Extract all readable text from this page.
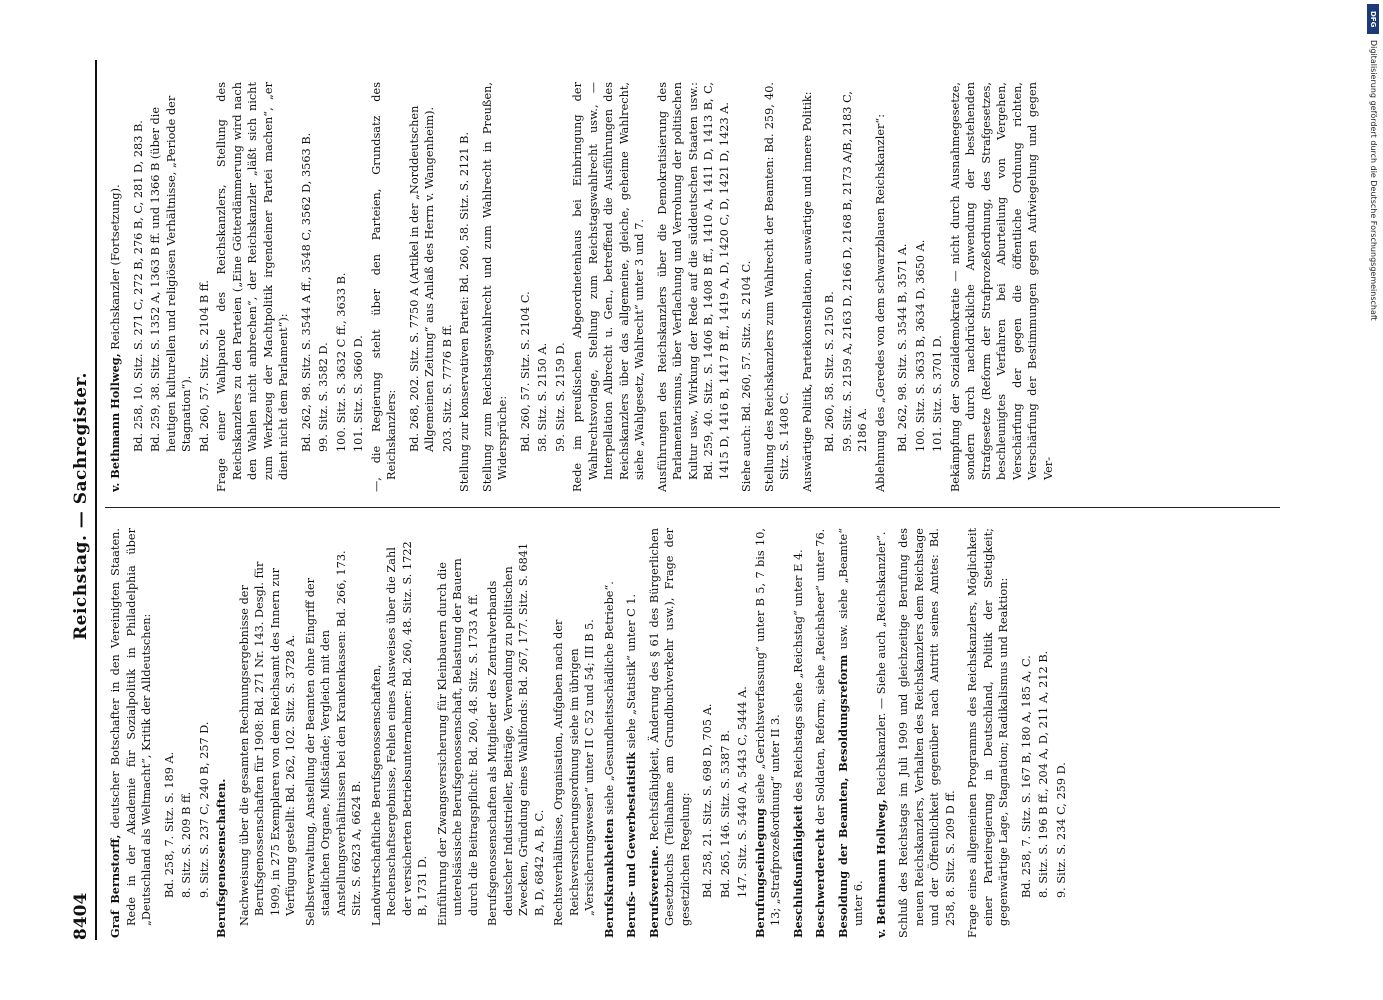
8404
Reichstag. — Sachregister.
Graf Bernstorff, deutscher Botschafter in den Vereinigten Staaten. Rede in der Akademie für Sozialpolitik in Philadelphia über „Deutschland als Weltmacht“, Kritik der Alldeutschen: Bd. 258, 7. Sitz. S. 189 A. 8. Sitz. S. 209 B ff. 9. Sitz. S. 237 C, 240 B, 257 D. Berufsgenossenschaften. Nachweisung über die gesamten Rechnungsergebnisse der Berufsgenossenschaften für 1908: Bd. 271 Nr. 143. Desgl. für 1909, in 275 Exemplaren von dem Reichsamt des Innern zur Verfügung gestellt: Bd. 262, 102. Sitz. S. 3728 A. Selbstverwaltung, Anstellung der Beamten ohne Eingriff der staatlichen Organe, Mißstände; Vergleich mit den Anstellungsverhältnissen bei den Krankenkassen: Bd. 266, 173. Sitz. S. 6623 A, 6624 B. Landwirtschaftliche Berufsgenossenschaften, Rechenschaftsergebnisse, Fehlen eines Ausweises über die Zahl der versicherten Betriebsunternehmer: Bd. 260, 48. Sitz. S. 1722 B, 1731 D. Einführung der Zwangsversicherung für Kleinbauern durch die unterelsässische Berufsgenossenschaft, Belastung der Bauern durch die Beitragspflicht: Bd. 260, 48. Sitz. S. 1733 A ff. Berufsgenossenschaften als Mitglieder des Zentralverbands deutscher Industrieller, Beiträge, Verwendung zu politischen Zwecken, Gründung eines Wahlfonds: Bd. 267, 177. Sitz. S. 6841 B, D, 6842 A, B, C. Rechtsverhältnisse, Organisation, Aufgaben nach der Reichsversicherungsordnung siehe im übrigen „Versicherungswesen“ unter II C 52 und 54; III B 5. Berufskrankheiten siehe „Gesundheitsschädliche Betriebe“.
Berufs- und Gewerbestatistik siehe „Statistik“ unter C 1.
Berufsvereine. Rechtsfähigkeit, Änderung des § 61 des Bürgerlichen Gesetzbuchs (Teilnahme am Grundbuchverkehr usw.), Frage der gesetzlichen Regelung: Bd. 258, 21. Sitz. S. 698 D, 705 A. Bd. 265, 146. Sitz. S. 5387 B. 147. Sitz. S. 5440 A, 5443 C, 5444 A. Berufungseinlegung siehe „Gerichtsverfassung“ unter B 5, 7 bis 10, 13; „Strafprozeßordnung“ unter II 3. Beschlußunfähigkeit des Reichstags siehe „Reichstag“ unter E 4.
Beschwerderecht der Soldaten, Reform, siehe „Reichsheer“ unter 76. Besoldung der Beamten, Besoldungsreform usw. siehe „Beamte“ unter 6. v. Bethmann Hollweg, Reichskanzler. — Siehe auch „Reichskanzler“. Schluß des Reichstags im Juli 1909 und gleichzeitige Berufung des neuen Reichskanzlers, Verhalten des Reichskanzlers dem Reichstage und der Öffentlichkeit gegenüber nach Antritt seines Amtes: Bd. 258, 8. Sitz. S. 209 D ff. Frage eines allgemeinen Programms des Reichskanzlers, Möglichkeit einer Parteiregierung in Deutschland, Politik der Stetigkeit; gegenwärtige Lage, Stagnation; Radikalismus und Reaktion: Bd. 258, 7. Sitz. S. 167 B, 180 A, 185 A, C. 8. Sitz. S. 196 B ff., 204 A, D, 211 A, 212 B. 9. Sitz. S. 234 C, 259 D.
v. Bethmann Hollweg, Reichskanzler (Fortsetzung). Bd. 258, 10. Sitz. S. 271 C, 272 B, 276 B, C, 281 D, 283 B. Bd. 259, 38. Sitz. S. 1352 A, 1363 B ff. und 1366 B (über die heutigen kulturellen und religiösen Verhältnisse, „Periode der Stagnation“). Bd. 260, 57. Sitz. S. 2104 B ff. Frage einer Wahlparole des Reichskanzlers, Stellung des Reichskanzlers zu den Parteien („Eine Götterdämmerung wird nach den Wahlen nicht anbrechen“, der Reichskanzler „läßt sich nicht zum Werkzeug der Machtpolitik irgendeiner Partei machen“, „er dient nicht dem Parlament“): Bd. 262, 98. Sitz. S. 3544 A ff., 3548 C, 3562 D, 3563 B. 99. Sitz. S. 3582 D. 100. Sitz. S. 3632 C ff., 3633 B. 101. Sitz. S. 3660 D. —, die Regierung steht über den Parteien, Grundsatz des Reichskanzlers: Bd. 268, 202. Sitz. S. 7750 A (Artikel in der „Norddeutschen Allgemeinen Zeitung“ aus Anlaß des Herrn v. Wangenheim). 203. Sitz. S. 7776 B ff. Stellung zur konservativen Partei: Bd. 260, 58. Sitz. S. 2121 B. Stellung zum Reichstagswahlrecht und zum Wahlrecht in Preußen, Widersprüche: Bd. 260, 57. Sitz. S. 2104 C. 58. Sitz. S. 2150 A. 59. Sitz. S. 2159 D. Rede im preußischen Abgeordnetenhaus bei Einbringung der Wahlrechtsvorlage, Stellung zum Reichstagswahlrecht usw., — Interpellation Albrecht u. Gen., betreffend die Ausführungen des Reichskanzlers über das allgemeine, gleiche, geheime Wahlrecht, siehe „Wahlgesetz, Wahlrecht“ unter 3 und 7. Ausführungen des Reichskanzlers über die Demokratisierung des Parlamentarismus, über Verflachung und Verrohung der politischen Kultur usw., Wirkung der Rede auf die süddeutschen Staaten usw.: Bd. 259, 40. Sitz. S. 1406 B, 1408 B ff., 1410 A, 1411 D, 1413 B, C, 1415 D, 1416 B, 1417 B ff., 1419 A, D, 1420 C, D, 1421 D, 1423 A. Siehe auch: Bd. 260, 57. Sitz. S. 2104 C. Stellung des Reichskanzlers zum Wahlrecht der Beamten: Bd. 259, 40. Sitz. S. 1408 C. Auswärtige Politik, Parteikonstellation, auswärtige und innere Politik: Bd. 260, 58. Sitz. S. 2150 B. 59. Sitz. S. 2159 A, 2163 D, 2166 D, 2168 B, 2173 A/B, 2183 C, 2186 A. Ablehnung des „Geredes von dem schwarzblauen Reichskanzler“: Bd. 262, 98. Sitz. S. 3544 B, 3571 A. 100. Sitz. S. 3633 B, 3634 D, 3650 A. 101. Sitz. S. 3701 D. Bekämpfung der Sozialdemokratie — nicht durch Ausnahmegesetze, sondern durch nachdrückliche Anwendung der bestehenden Strafgesetze (Reform der Strafprozeßordnung, des Strafgesetzes, beschleunigtes Verfahren bei Aburteilung von Vergehen, Verschärfung der gegen die öffentliche Ordnung richten, Verschärfung der Bestimmungen gegen Aufwiegelung und gegen Ver-
DFG
Digitalisierung gefördert durch die Deutsche Forschungsgemeinschaft
